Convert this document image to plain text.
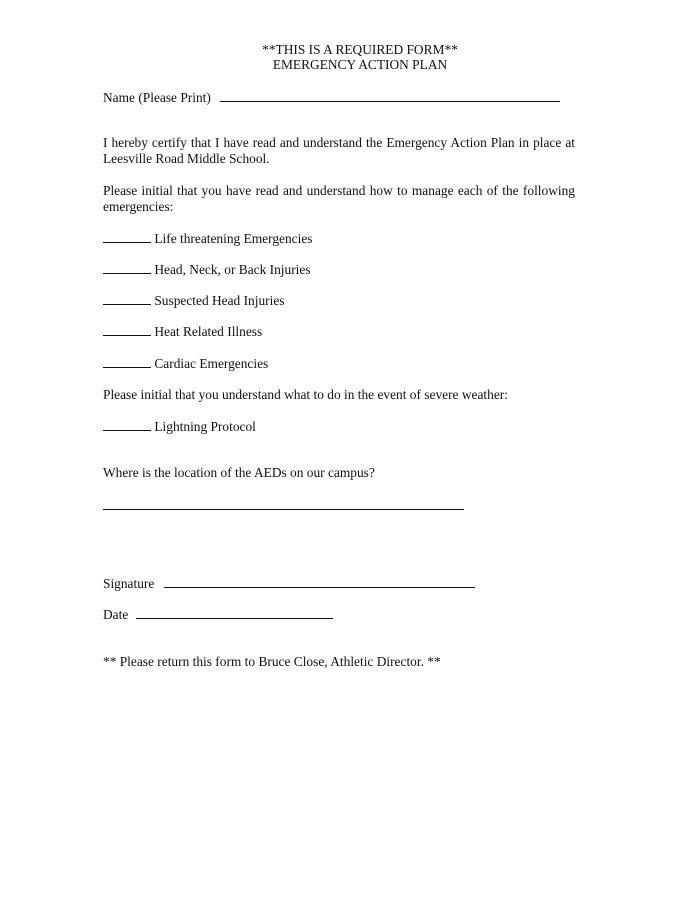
**THIS IS A REQUIRED FORM**
EMERGENCY ACTION PLAN
Name (Please Print)
I hereby certify that I have read and understand the Emergency Action Plan in place at Leesville Road Middle School.
Please initial that you have read and understand how to manage each of the following emergencies:
Life threatening Emergencies
Head, Neck, or Back Injuries
Suspected Head Injuries
Heat Related Illness
Cardiac Emergencies
Please initial that you understand what to do in the event of severe weather:
Lightning Protocol
Where is the location of the AEDs on our campus?
Signature
Date
** Please return this form to Bruce Close, Athletic Director. **
